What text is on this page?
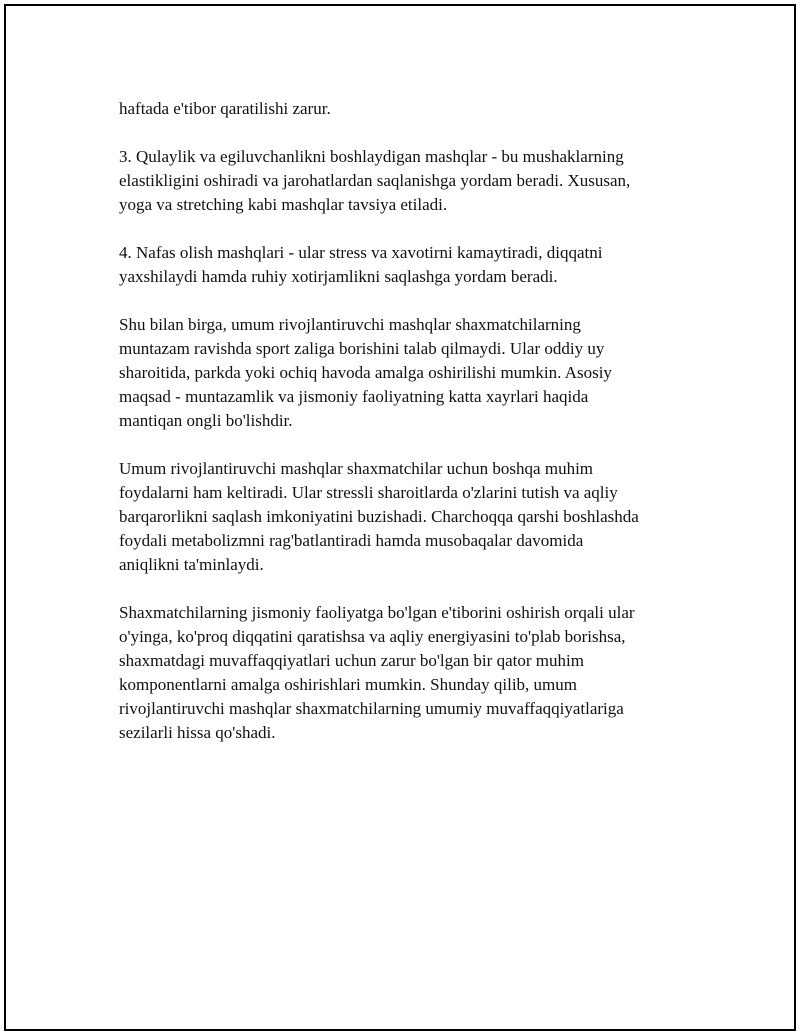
haftada e'tibor qaratilishi zarur.

3. Qulaylik va egiluvchanlikni boshlaydigan mashqlar - bu mushaklarning
elastikligini oshiradi va jarohatlardan saqlanishga yordam beradi. Xususan,
yoga va stretching kabi mashqlar tavsiya etiladi.

4. Nafas olish mashqlari - ular stress va xavotirni kamaytiradi, diqqatni
yaxshilaydi hamda ruhiy xotirjamlikni saqlashga yordam beradi.

Shu bilan birga, umum rivojlantiruvchi mashqlar shaxmatchilarning
muntazam ravishda sport zaliga borishini talab qilmaydi. Ular oddiy uy
sharoitida, parkda yoki ochiq havoda amalga oshirilishi mumkin. Asosiy
maqsad - muntazamlik va jismoniy faoliyatning katta xayrlari haqida
mantiqan ongli bo'lishdir.

Umum rivojlantiruvchi mashqlar shaxmatchilar uchun boshqa muhim
foydalarni ham keltiradi. Ular stressli sharoitlarda o'zlarini tutish va aqliy
barqarorlikni saqlash imkoniyatini buzishadi. Charchoqqa qarshi boshlashda
foydali metabolizmni rag'batlantiradi hamda musobaqalar davomida
aniqlikni ta'minlaydi.

Shaxmatchilarning jismoniy faoliyatga bo'lgan e'tiborini oshirish orqali ular
o'yinga, ko'proq diqqatini qaratishsa va aqliy energiyasini to'plab borishsa,
shaxmatdagi muvaffaqqiyatlari uchun zarur bo'lgan bir qator muhim
komponentlarni amalga oshirishlari mumkin. Shunday qilib, umum
rivojlantiruvchi mashqlar shaxmatchilarning umumiy muvaffaqqiyatlariga
sezilarli hissa qo'shadi.
